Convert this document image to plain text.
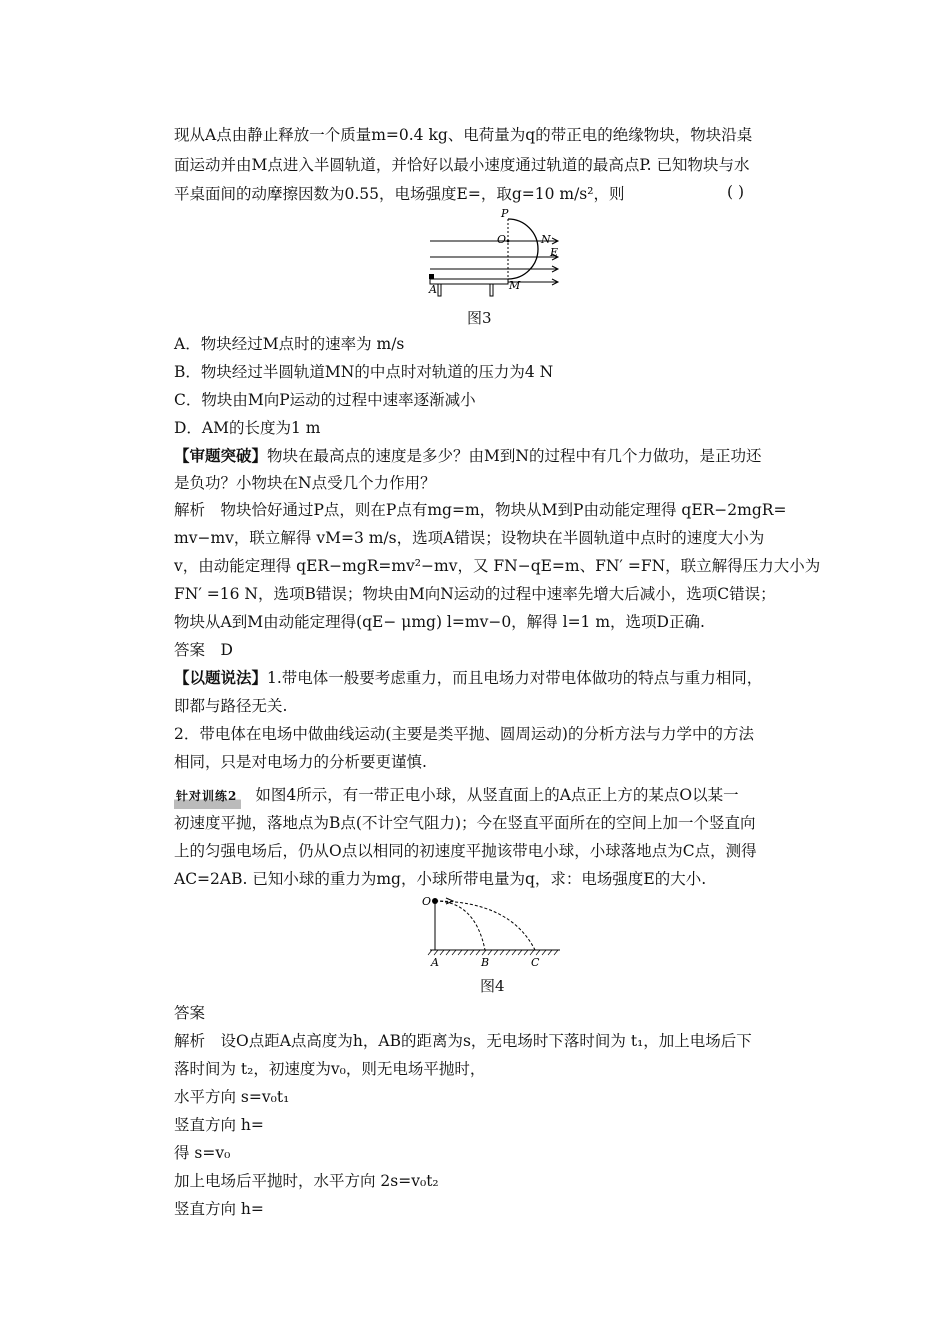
现从A点由静止释放一个质量m=0.4 kg、电荷量为q的带正电的绝缘物块，物块沿桌
面运动并由M点进入半圆轨道，并恰好以最小速度通过轨道的最高点P. 已知物块与水
平桌面间的动摩擦因数为0.55，电场强度E=，取g=10 m/s²，则	( )
P
O	N
E
A	M
图3
A．物块经过M点时的速率为 m/s
B．物块经过半圆轨道MN的中点时对轨道的压力为4 N
C．物块由M向P运动的过程中速率逐渐减小
D．AM的长度为1 m
【审题突破】物块在最高点的速度是多少？由M到N的过程中有几个力做功，是正功还
是负功？小物块在N点受几个力作用？
解析　物块恰好通过P点，则在P点有mg=m，物块从M到P由动能定理得 qER−2mgR=
mv−mv，联立解得 vM=3 m/s，选项A错误；设物块在半圆轨道中点时的速度大小为
v，由动能定理得 qER−mgR=mv²−mv，又 FN−qE=m、FN′ =FN，联立解得压力大小为
FN′ =16 N，选项B错误；物块由M向N运动的过程中速率先增大后减小，选项C错误；
物块从A到M由动能定理得(qE− μmg) l=mv−0，解得 l=1 m，选项D正确.
答案　D
【以题说法】1.带电体一般要考虑重力，而且电场力对带电体做功的特点与重力相同，
即都与路径无关.
2．带电体在电场中做曲线运动(主要是类平抛、圆周运动)的分析方法与力学中的方法
相同，只是对电场力的分析要更谨慎.
针对训练2 如图4所示，有一带正电小球，从竖直面上的A点正上方的某点O以某一
初速度平抛，落地点为B点(不计空气阻力)；今在竖直平面所在的空间上加一个竖直向
上的匀强电场后，仍从O点以相同的初速度平抛该带电小球，小球落地点为C点，测得
AC=2AB. 已知小球的重力为mg，小球所带电量为q，求：电场强度E的大小.
O
A	B	C
图4
答案
解析　设O点距A点高度为h，AB的距离为s，无电场时下落时间为 t₁，加上电场后下
落时间为 t₂，初速度为v₀，则无电场平抛时，
水平方向 s=v₀t₁
竖直方向 h=
得 s=v₀
加上电场后平抛时，水平方向 2s=v₀t₂
竖直方向 h=
